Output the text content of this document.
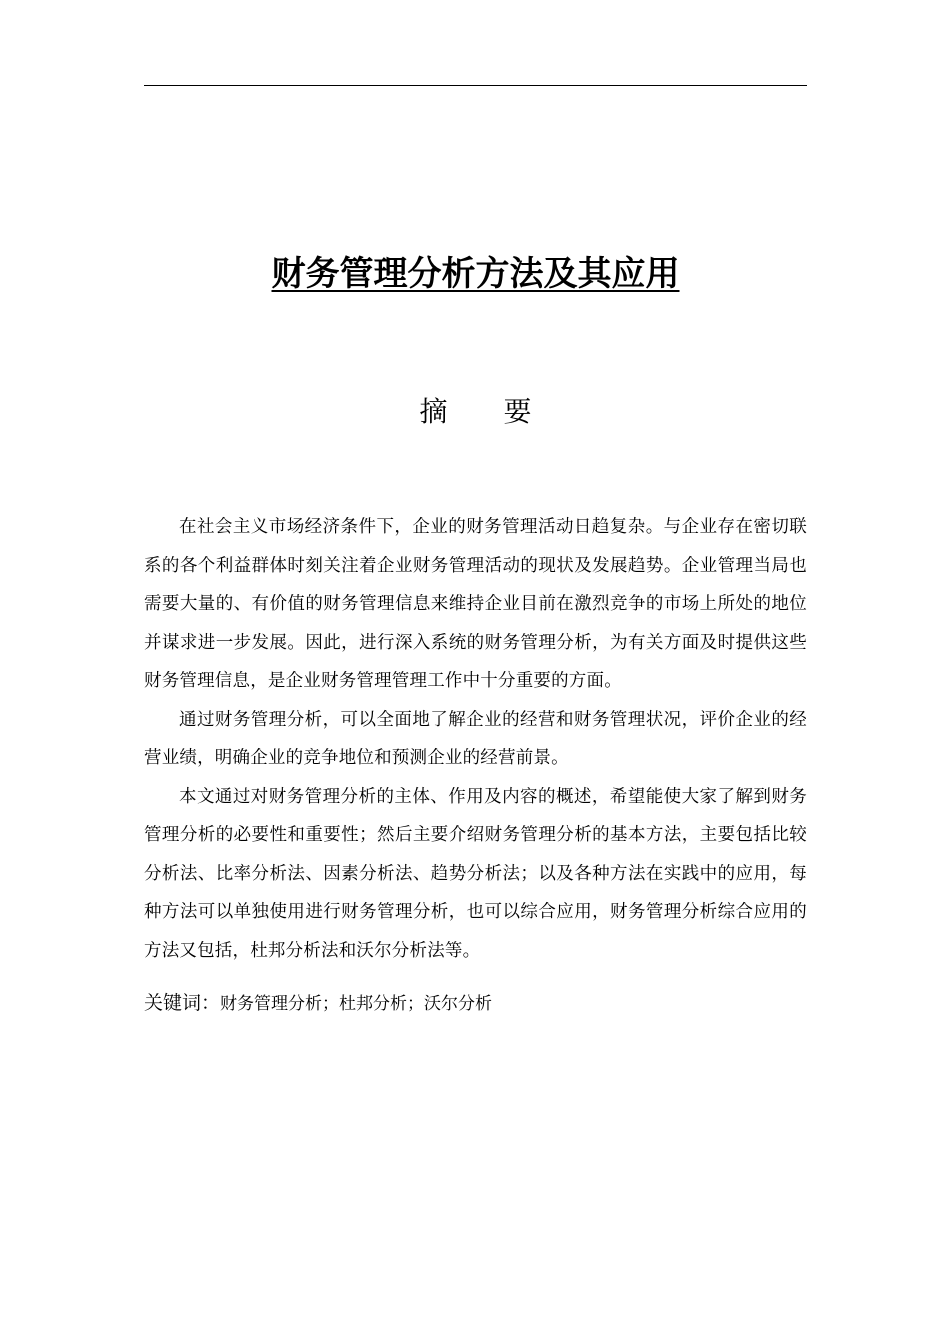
财务管理分析方法及其应用
摘 要

在社会主义市场经济条件下，企业的财务管理活动日趋复杂。与企业存在密切联系的各个利益群体时刻关注着企业财务管理活动的现状及发展趋势。企业管理当局也需要大量的、有价值的财务管理信息来维持企业目前在激烈竞争的市场上所处的地位并谋求进一步发展。因此，进行深入系统的财务管理分析，为有关方面及时提供这些财务管理信息，是企业财务管理管理工作中十分重要的方面。

通过财务管理分析，可以全面地了解企业的经营和财务管理状况，评价企业的经营业绩，明确企业的竞争地位和预测企业的经营前景。

本文通过对财务管理分析的主体、作用及内容的概述，希望能使大家了解到财务管理分析的必要性和重要性；然后主要介绍财务管理分析的基本方法，主要包括比较分析法、比率分析法、因素分析法、趋势分析法；以及各种方法在实践中的应用，每种方法可以单独使用进行财务管理分析，也可以综合应用，财务管理分析综合应用的方法又包括，杜邦分析法和沃尔分析法等。

关键词：财务管理分析；杜邦分析；沃尔分析
